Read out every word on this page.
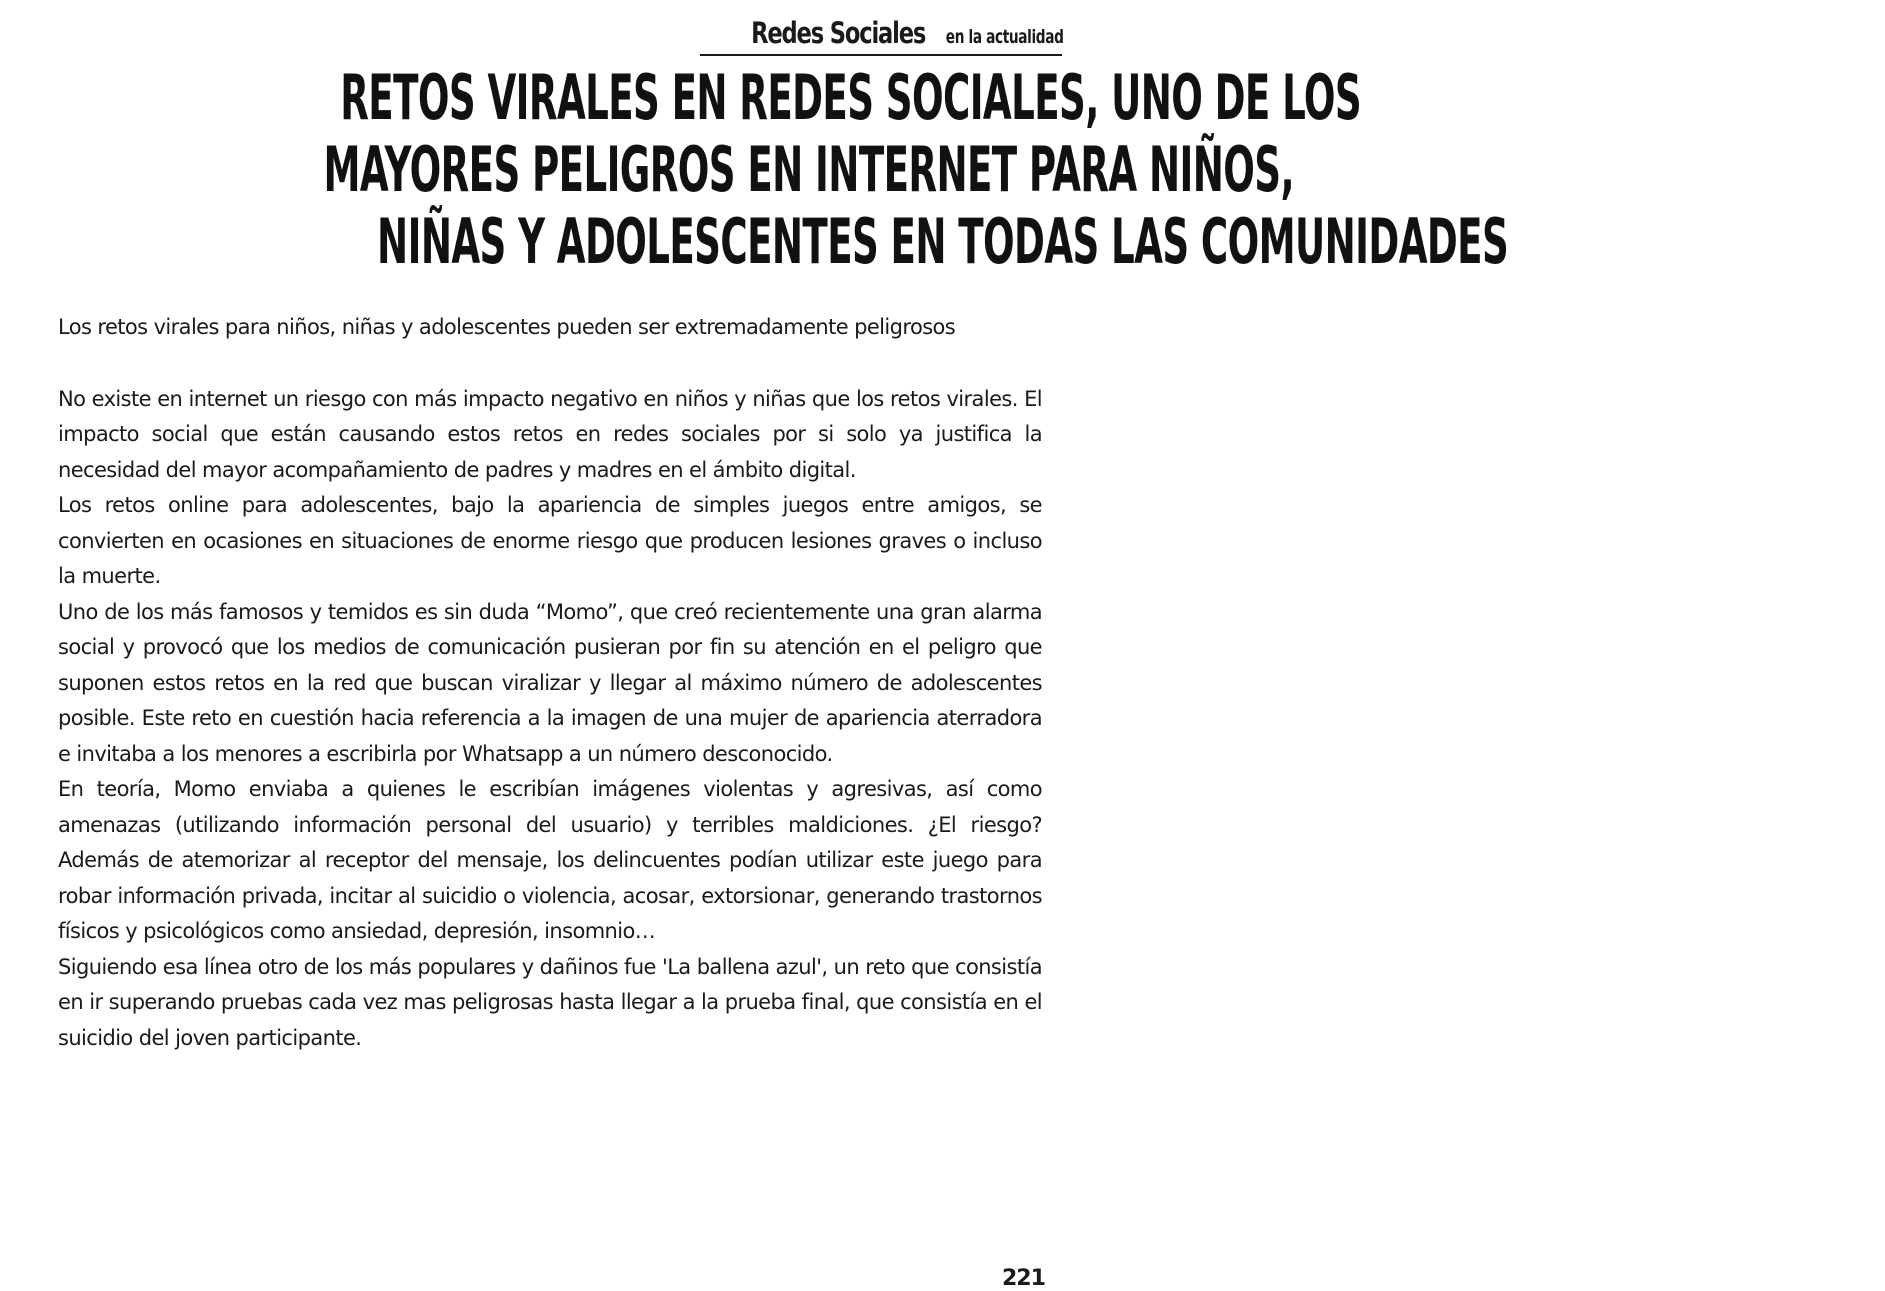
Redes Sociales en la actualidad
RETOS VIRALES EN REDES SOCIALES, UNO DE LOS
MAYORES PELIGROS EN INTERNET PARA NIÑOS,
NIÑAS Y ADOLESCENTES EN TODAS LAS COMUNIDADES

Los retos virales para niños, niñas y adolescentes pueden ser extremadamente peligrosos

No existe en internet un riesgo con más impacto negativo en niños y niñas que los retos virales. El impacto social que están causando estos retos en redes sociales por si solo ya justifica la necesidad del mayor acompañamiento de padres y madres en el ámbito digital.

Los retos online para adolescentes, bajo la apariencia de simples juegos entre amigos, se convierten en ocasiones en situaciones de enorme riesgo que producen lesiones graves o incluso la muerte.

Uno de los más famosos y temidos es sin duda “Momo”, que creó recientemente una gran alarma social y provocó que los medios de comunicación pusieran por fin su atención en el peligro que suponen estos retos en la red que buscan viralizar y llegar al máximo número de adolescentes posible. Este reto en cuestión hacia referencia a la imagen de una mujer de apariencia aterradora e invitaba a los menores a escribirla por Whatsapp a un número desconocido.

En teoría, Momo enviaba a quienes le escribían imágenes violentas y agresivas, así como amenazas (utilizando información personal del usuario) y terribles maldiciones. ¿El riesgo? Además de atemorizar al receptor del mensaje, los delincuentes podían utilizar este juego para robar información privada, incitar al suicidio o violencia, acosar, extorsionar, generando trastornos físicos y psicológicos como ansiedad, depresión, insomnio…

Siguiendo esa línea otro de los más populares y dañinos fue 'La ballena azul', un reto que consistía en ir superando pruebas cada vez mas peligrosas hasta llegar a la prueba final, que consistía en el suicidio del joven participante.

221
